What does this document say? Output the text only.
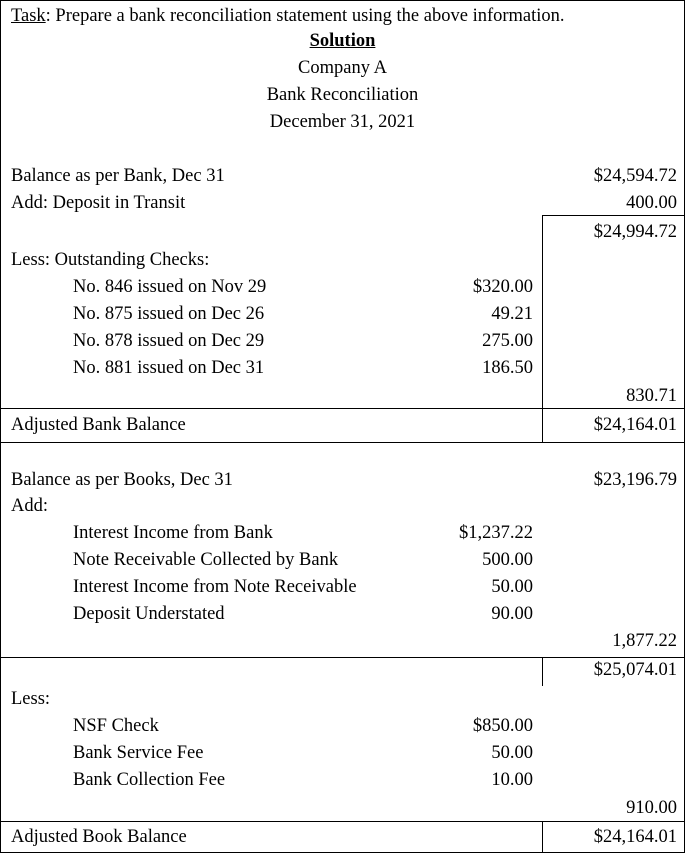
Task: Prepare a bank reconciliation statement using the above information.
Solution
Company A
Bank Reconciliation
December 31, 2021
Balance as per Bank, Dec 31	$24,594.72
Add: Deposit in Transit	400.00
$24,994.72
Less: Outstanding Checks:
No. 846 issued on Nov 29	$320.00
No. 875 issued on Dec 26	49.21
No. 878 issued on Dec 29	275.00
No. 881 issued on Dec 31	186.50
830.71
Adjusted Bank Balance	$24,164.01
Balance as per Books, Dec 31	$23,196.79
Add:
Interest Income from Bank	$1,237.22
Note Receivable Collected by Bank	500.00
Interest Income from Note Receivable	50.00
Deposit Understated	90.00
1,877.22
$25,074.01
Less:
NSF Check	$850.00
Bank Service Fee	50.00
Bank Collection Fee	10.00
910.00
Adjusted Book Balance	$24,164.01
